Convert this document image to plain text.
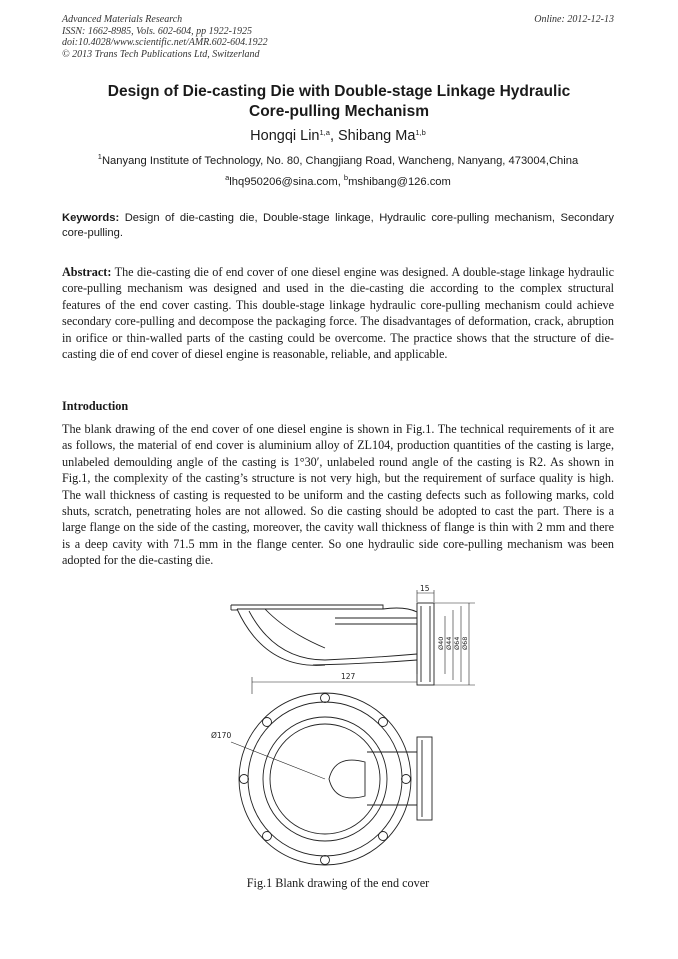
Advanced Materials Research
ISSN: 1662-8985, Vols. 602-604, pp 1922-1925
doi:10.4028/www.scientific.net/AMR.602-604.1922
© 2013 Trans Tech Publications Ltd, Switzerland
Online: 2012-12-13
Design of Die-casting Die with Double-stage Linkage Hydraulic
Core-pulling Mechanism
Hongqi Lin$^{1,a}$, Shibang Ma$^{1,b}$
$^1$Nanyang Institute of Technology, No. 80, Changjiang Road, Wancheng, Nanyang, 473004,China
$^a$lhq950206@sina.com, $^b$mshibang@126.com
Keywords: Design of die-casting die, Double-stage linkage, Hydraulic core-pulling mechanism, Secondary core-pulling.
Abstract: The die-casting die of end cover of one diesel engine was designed. A double-stage linkage hydraulic core-pulling mechanism was designed and used in the die-casting die according to the complex structural features of the end cover casting. This double-stage linkage hydraulic core-pulling mechanism could achieve secondary core-pulling and decompose the packaging force. The disadvantages of deformation, crack, abruption in orifice or thin-walled parts of the casting could be overcome. The practice shows that the structure of die-casting die of end cover of diesel engine is reasonable, reliable, and applicable.
Introduction
The blank drawing of the end cover of one diesel engine is shown in Fig.1. The technical requirements of it are as follows, the material of end cover is aluminium alloy of ZL104, production quantities of the casting is large, unlabeled demoulding angle of the casting is 1°30′, unlabeled round angle of the casting is R2. As shown in Fig.1, the complexity of the casting’s structure is not very high, but the requirement of surface quality is high. The wall thickness of casting is requested to be uniform and the casting defects such as following marks, cold shuts, scratch, penetrating holes are not allowed. So die casting should be adopted to cast the part. There is a large flange on the side of the casting, moreover, the cavity wall thickness of flange is thin with 2 mm and there is a deep cavity with 71.5 mm in the flange center. So one hydraulic side core-pulling mechanism was been adopted for the die-casting die.
15
Ø40 Ø44 Ø64 Ø68
127
Ø170
Fig.1 Blank drawing of the end cover
